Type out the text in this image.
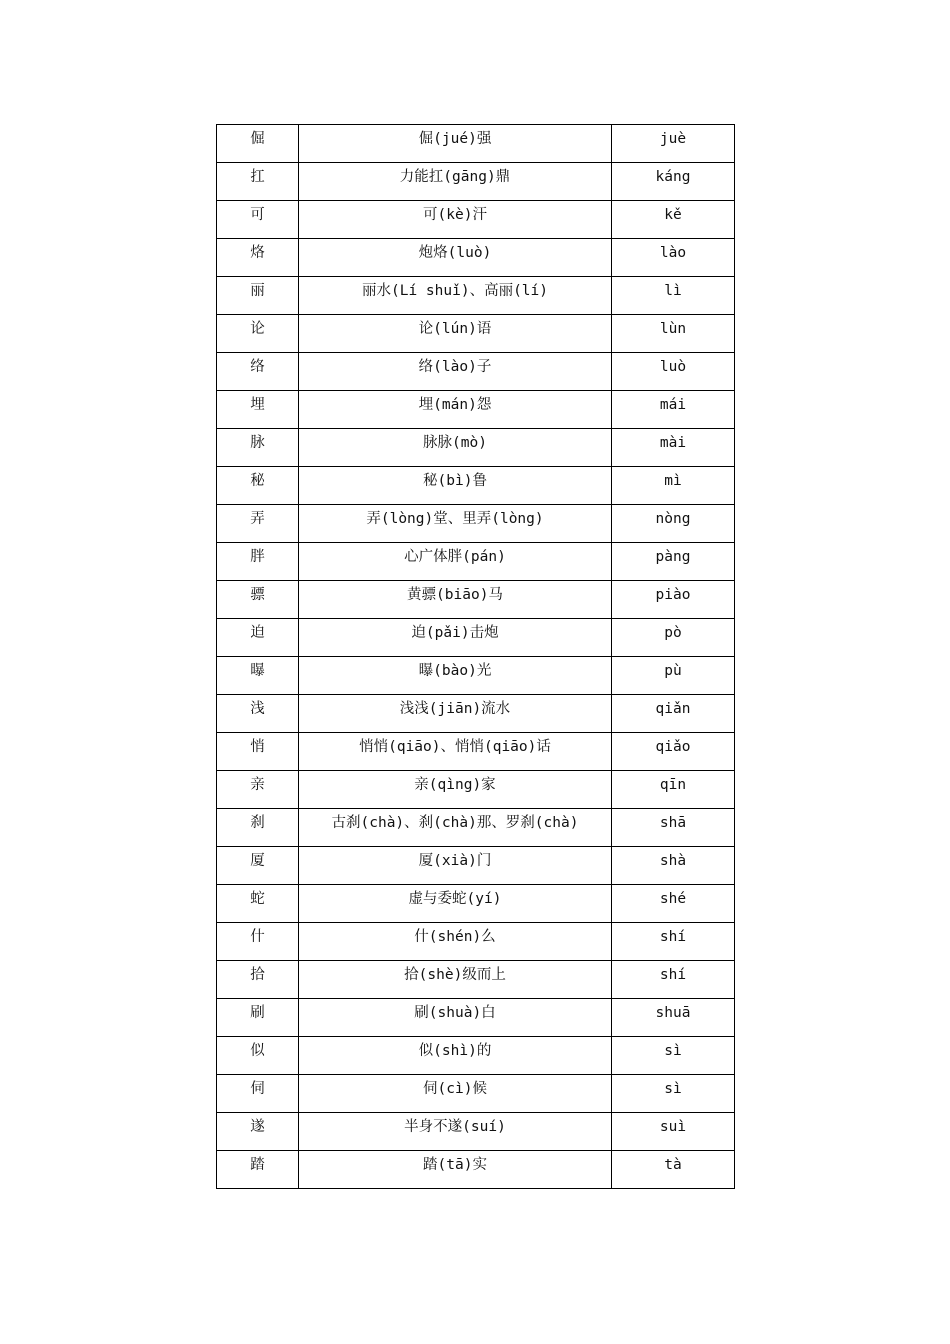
倔	倔(jué)强	juè
扛	力能扛(gāng)鼎	káng
可	可(kè)汗	kě
烙	炮烙(luò)	lào
丽	丽水(Lí shuǐ)、高丽(lí)	lì
论	论(lún)语	lùn
络	络(lào)子	luò
埋	埋(mán)怨	mái
脉	脉脉(mò)	mài
秘	秘(bì)鲁	mì
弄	弄(lòng)堂、里弄(lòng)	nòng
胖	心广体胖(pán)	pàng
骠	黄骠(biāo)马	piào
迫	迫(pǎi)击炮	pò
曝	曝(bào)光	pù
浅	浅浅(jiān)流水	qiǎn
悄	悄悄(qiāo)、悄悄(qiāo)话	qiǎo
亲	亲(qìng)家	qīn
刹	古刹(chà)、刹(chà)那、罗刹(chà)	shā
厦	厦(xià)门	shà
蛇	虚与委蛇(yí)	shé
什	什(shén)么	shí
拾	拾(shè)级而上	shí
刷	刷(shuà)白	shuā
似	似(shì)的	sì
伺	伺(cì)候	sì
遂	半身不遂(suí)	suì
踏	踏(tā)实	tà
